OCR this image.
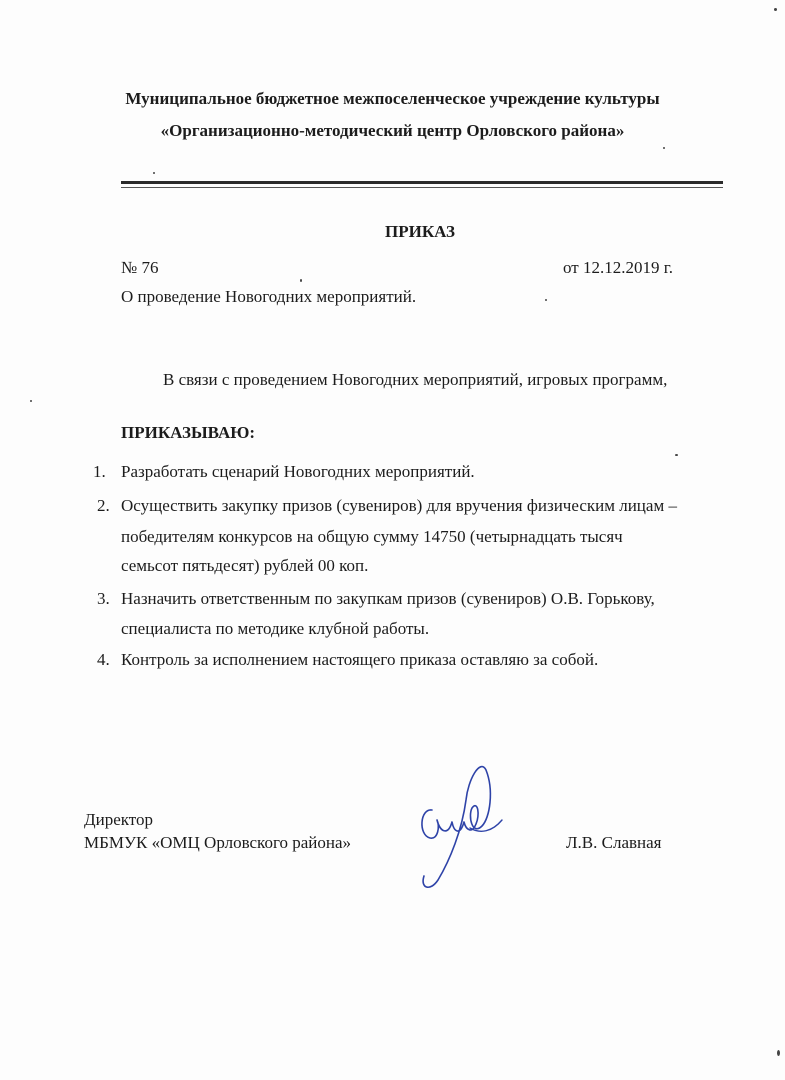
Муниципальное бюджетное межпоселенческое учреждение культуры
«Организационно-методический центр Орловского района»
ПРИКАЗ
№ 76	от 12.12.2019 г.
О проведение Новогодних мероприятий.
В связи с проведением Новогодних мероприятий, игровых программ,
ПРИКАЗЫВАЮ:
1. Разработать сценарий Новогодних мероприятий.
2. Осуществить закупку призов (сувениров) для вручения физическим лицам –
победителям конкурсов на общую сумму 14750 (четырнадцать тысяч
семьсот пятьдесят) рублей 00 коп.
3. Назначить ответственным по закупкам призов (сувениров) О.В. Горькову,
специалиста по методике клубной работы.
4. Контроль за исполнением настоящего приказа оставляю за собой.
Директор
МБМУК «ОМЦ Орловского района»	Л.В. Славная
